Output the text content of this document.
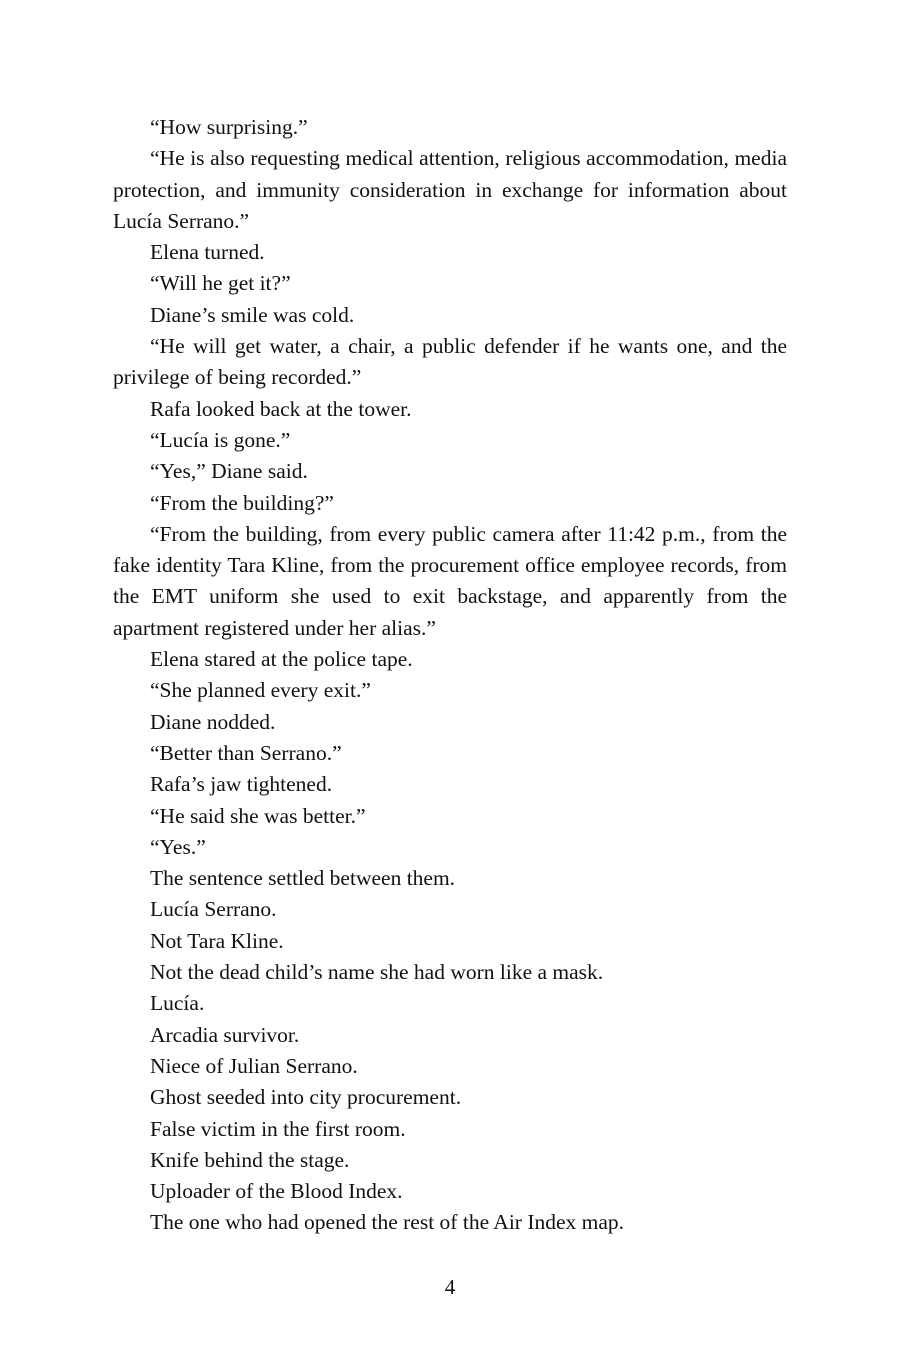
“How surprising.”

“He is also requesting medical attention, religious accommodation, media protection, and immunity consideration in exchange for information about Lucía Serrano.”

Elena turned.

“Will he get it?”

Diane’s smile was cold.

“He will get water, a chair, a public defender if he wants one, and the privilege of being recorded.”

Rafa looked back at the tower.

“Lucía is gone.”

“Yes,” Diane said.

“From the building?”

“From the building, from every public camera after 11:42 p.m., from the fake identity Tara Kline, from the procurement office employee records, from the EMT uniform she used to exit backstage, and apparently from the apartment registered under her alias.”

Elena stared at the police tape.

“She planned every exit.”

Diane nodded.

“Better than Serrano.”

Rafa’s jaw tightened.

“He said she was better.”

“Yes.”

The sentence settled between them.

Lucía Serrano.

Not Tara Kline.

Not the dead child’s name she had worn like a mask.

Lucía.

Arcadia survivor.

Niece of Julian Serrano.

Ghost seeded into city procurement.

False victim in the first room.

Knife behind the stage.

Uploader of the Blood Index.

The one who had opened the rest of the Air Index map.

4
